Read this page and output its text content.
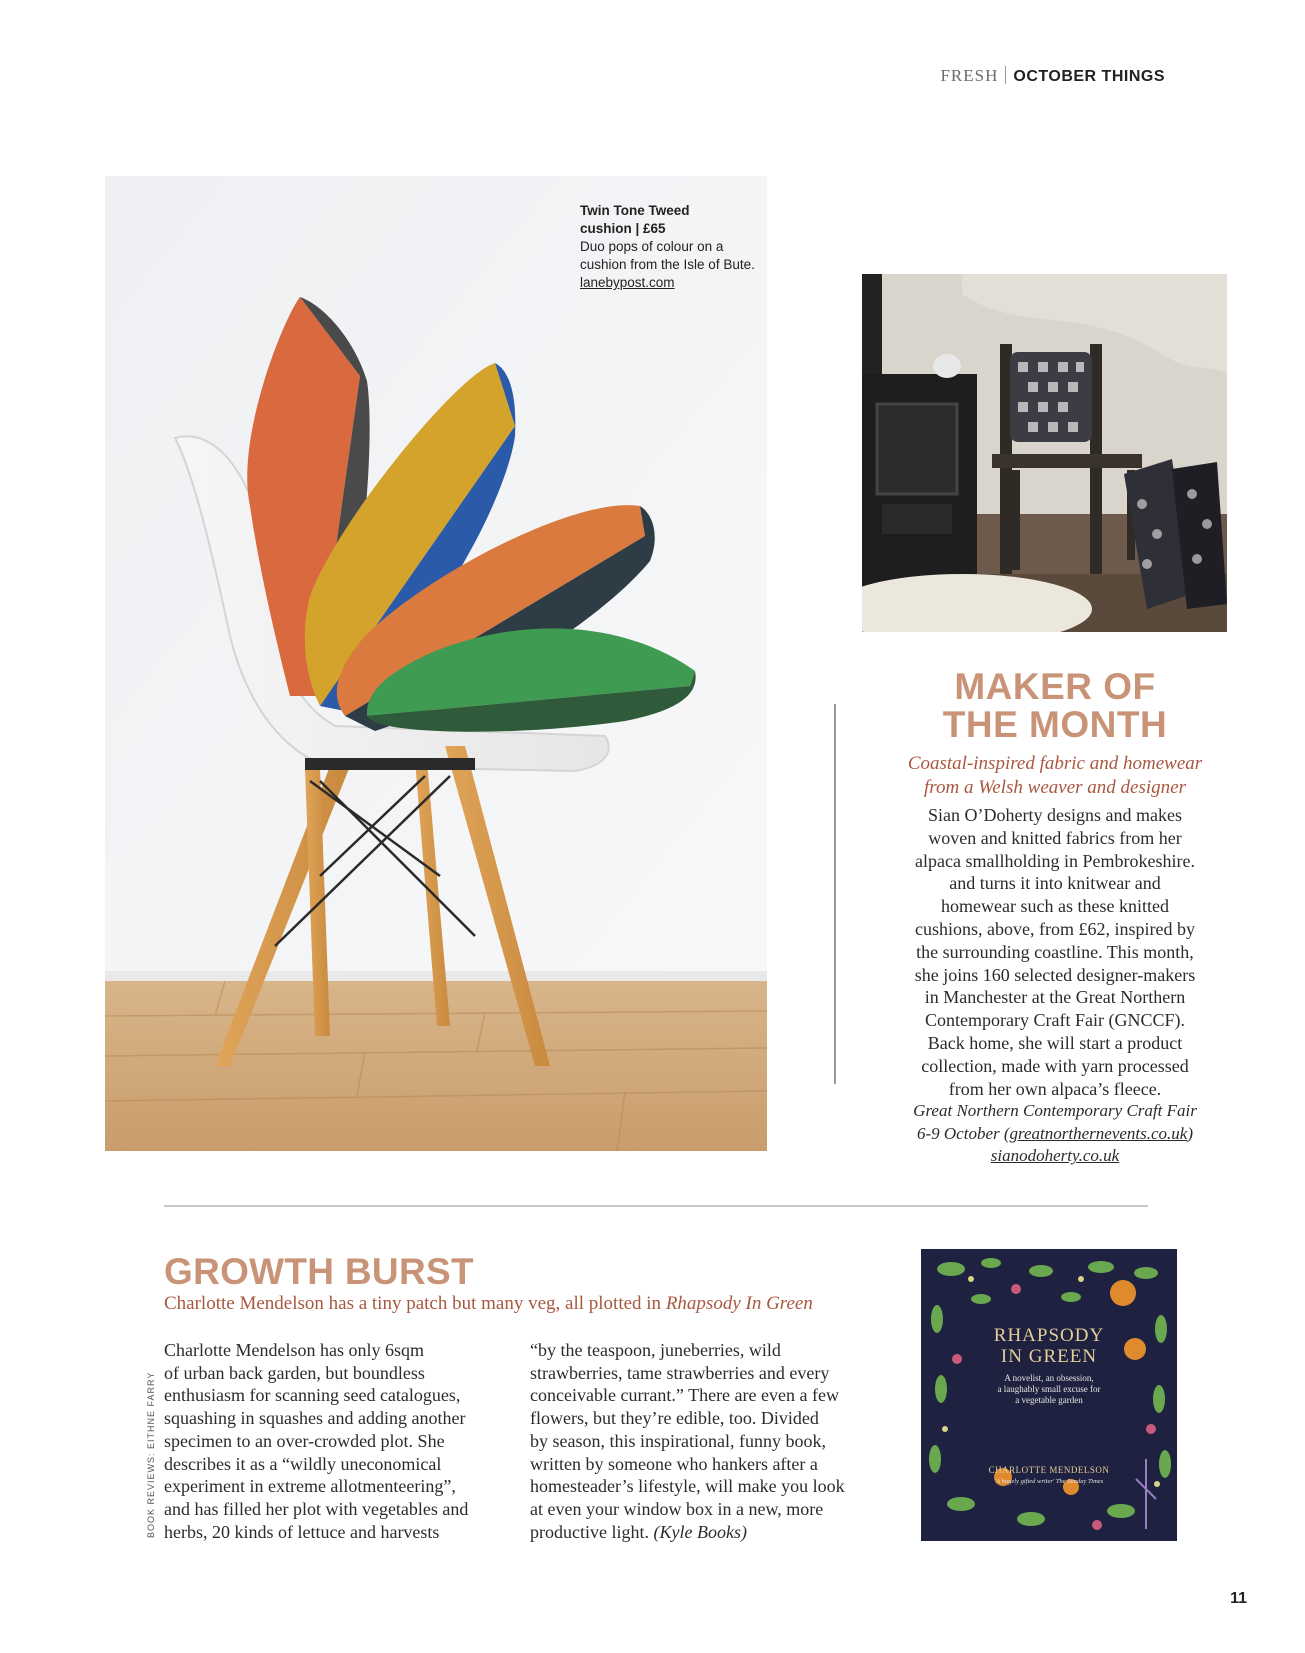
FRESH OCTOBER THINGS
Twin Tone Tweed
cushion | £65
Duo pops of colour on a cushion from the Isle of Bute. lanebypost.com
MAKER OF
THE MONTH
Coastal-inspired fabric and homewear
from a Welsh weaver and designer
Sian O’Doherty designs and makes
woven and knitted fabrics from her
alpaca smallholding in Pembrokeshire.
and turns it into knitwear and
homewear such as these knitted
cushions, above, from £62, inspired by
the surrounding coastline. This month,
she joins 160 selected designer-makers
in Manchester at the Great Northern
Contemporary Craft Fair (GNCCF).
Back home, she will start a product
collection, made with yarn processed
from her own alpaca’s fleece.
Great Northern Contemporary Craft Fair
6-9 October (greatnorthernevents.co.uk)
sianodoherty.co.uk
GROWTH BURST
Charlotte Mendelson has a tiny patch but many veg, all plotted in Rhapsody In Green
Charlotte Mendelson has only 6sqm
of urban back garden, but boundless
enthusiasm for scanning seed catalogues,
squashing in squashes and adding another
specimen to an over-crowded plot. She
describes it as a “wildly uneconomical
experiment in extreme allotmenteering”,
and has filled her plot with vegetables and
herbs, 20 kinds of lettuce and harvests
“by the teaspoon, juneberries, wild
strawberries, tame strawberries and every
conceivable currant.” There are even a few
flowers, but they’re edible, too. Divided
by season, this inspirational, funny book,
written by someone who hankers after a
homesteader’s lifestyle, will make you look
at even your window box in a new, more
productive light. (Kyle Books)
BOOK REVIEWS: EITHNE FARRY
RHAPSODY
IN GREEN
A novelist, an obsession,
a laughably small excuse for
a vegetable garden
CHARLOTTE MENDELSON
'A hugely gifted writer' The Sunday Times
11
